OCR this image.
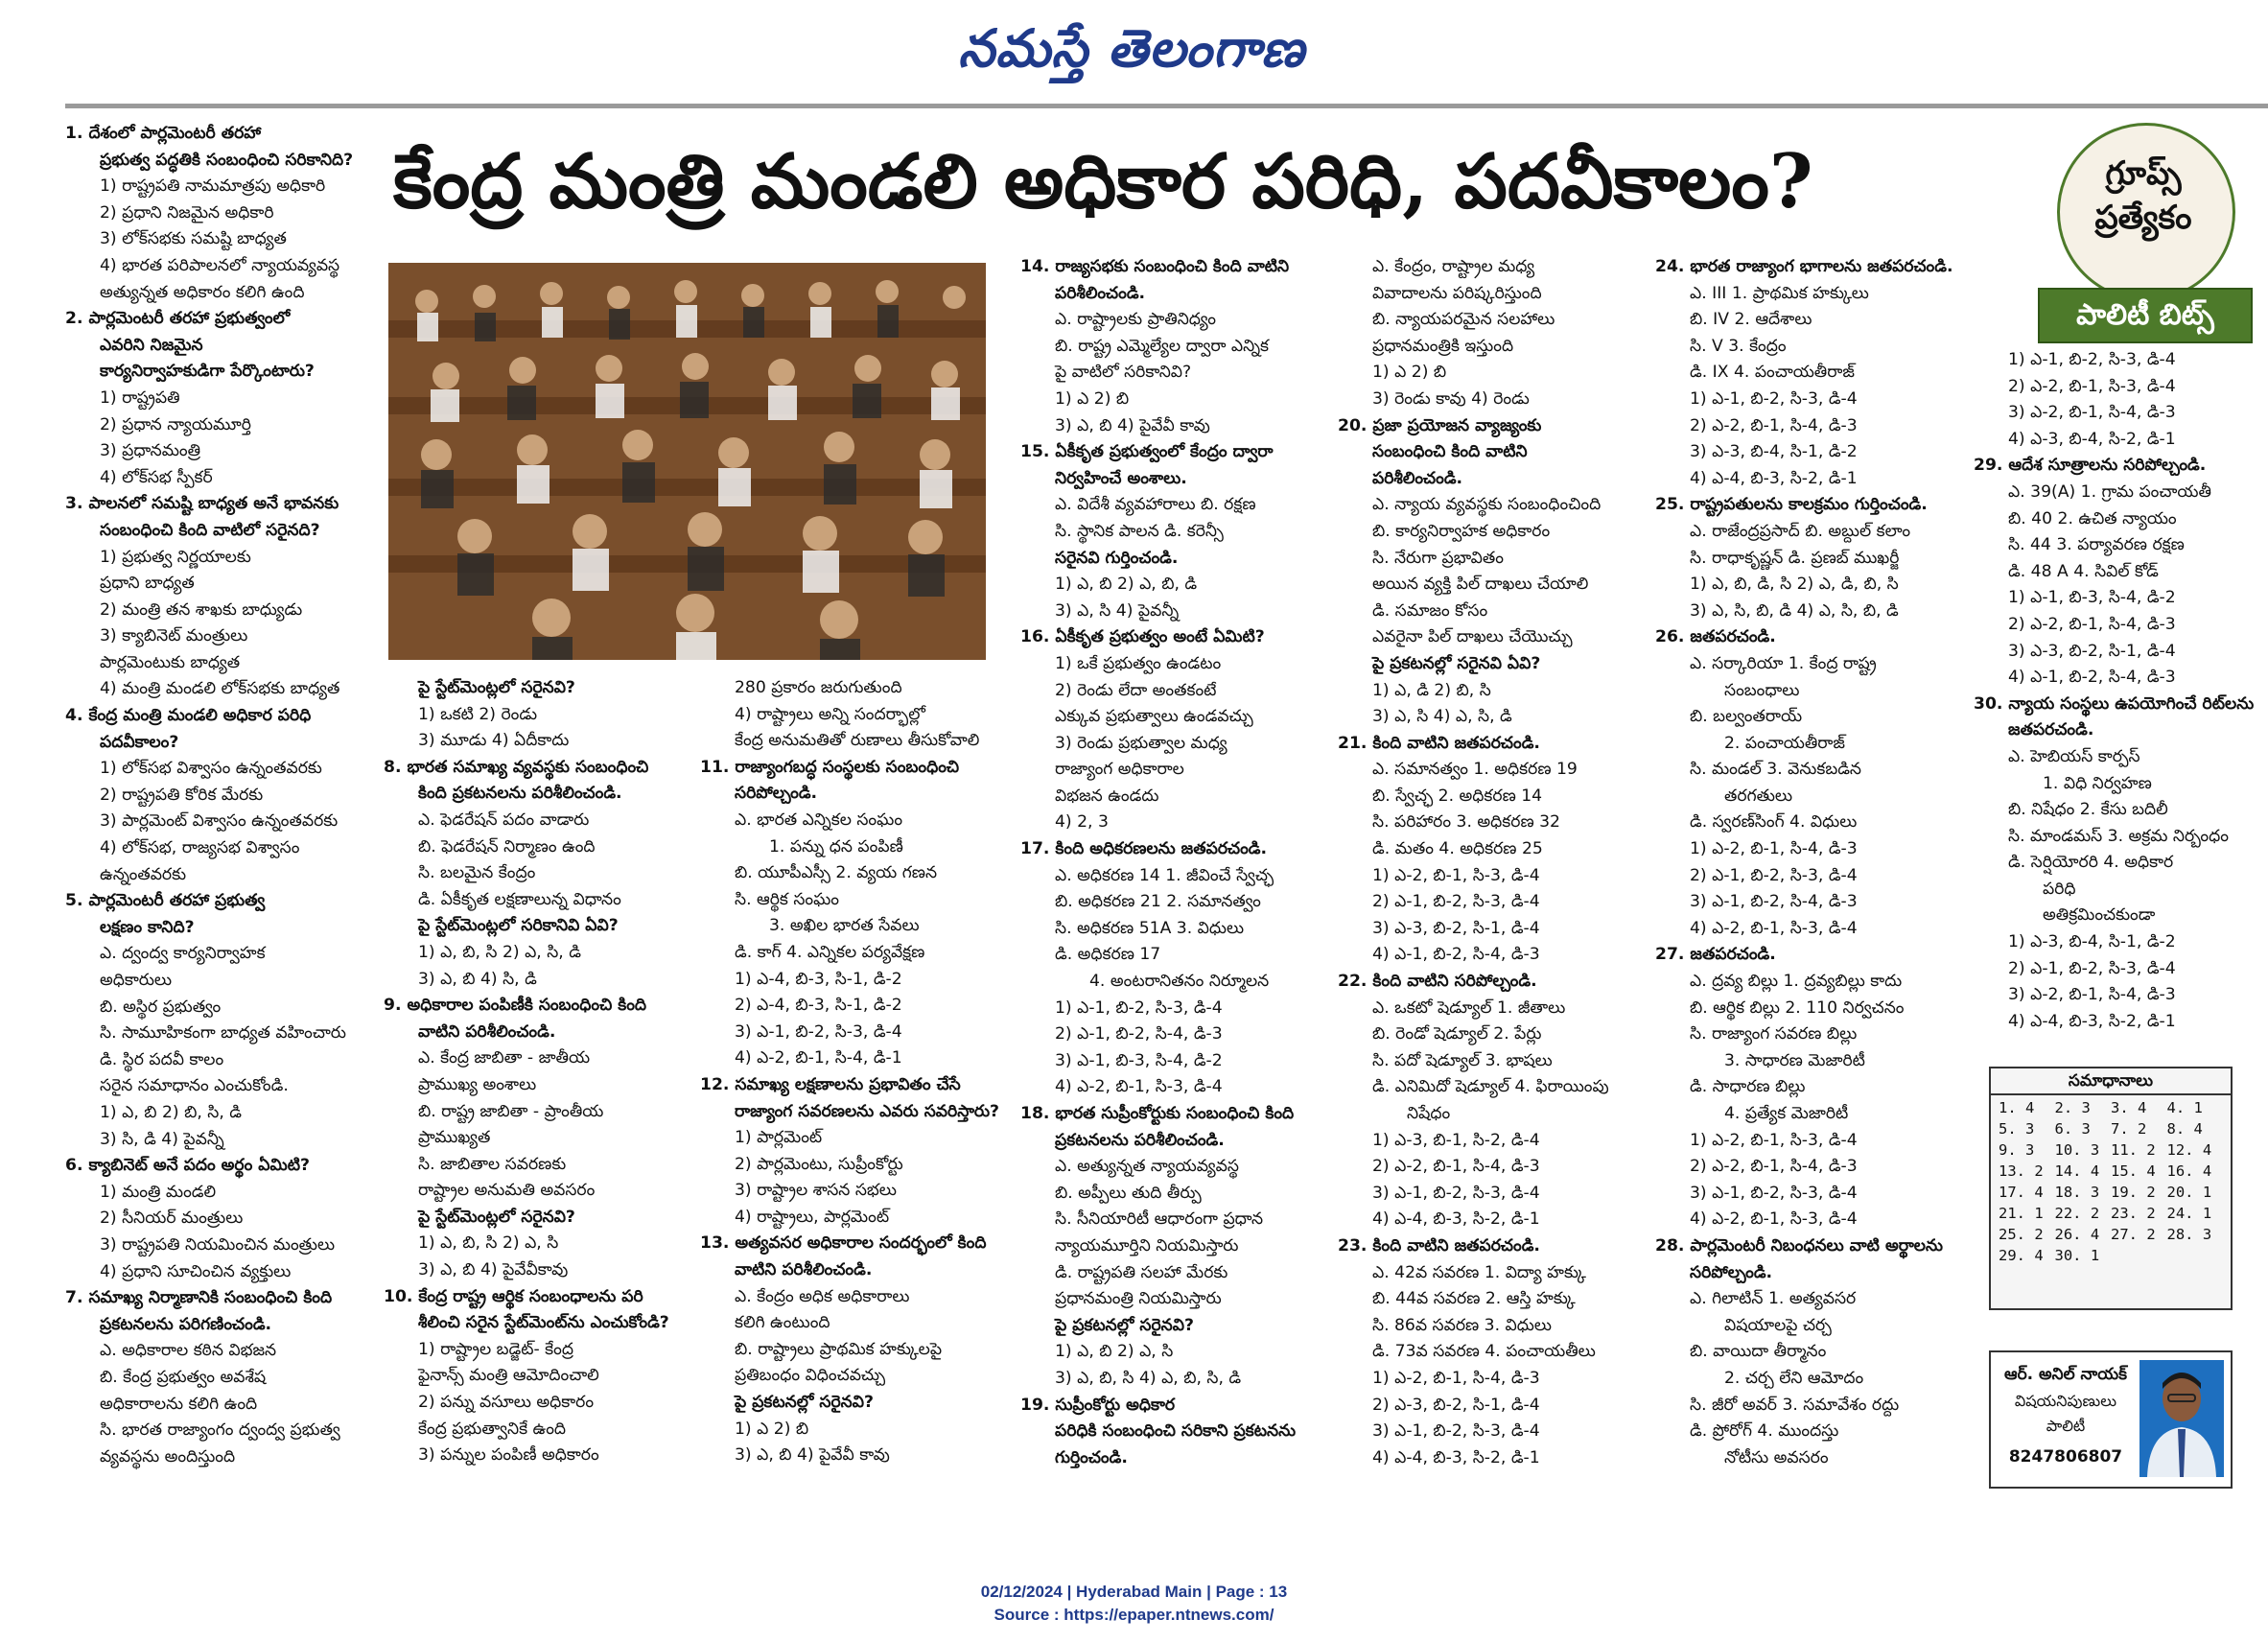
నమస్తే తెలంగాణ
కేంద్ర మంత్రి మండలి అధికార పరిధి, పదవీకాలం?	గ్రూప్స్
ప్రత్యేకం
పాలిటీ బిట్స్

1. దేశంలో పార్లమెంటరీ తరహా

ప్రభుత్వ పద్ధతికి సంబంధించి సరికానిది?

1) రాష్ట్రపతి నామమాత్రపు అధికారి

2) ప్రధాని నిజమైన అధికారి

3) లోక్‌సభకు సమష్టి బాధ్యత

4) భారత పరిపాలనలో న్యాయవ్యవస్థ

అత్యున్నత అధికారం కలిగి ఉంది

2. పార్లమెంటరీ తరహా ప్రభుత్వంలో

ఎవరిని నిజమైన

కార్యనిర్వాహకుడిగా పేర్కొంటారు?

1) రాష్ట్రపతి

2) ప్రధాన న్యాయమూర్తి

3) ప్రధానమంత్రి

4) లోక్‌సభ స్పీకర్

3. పాలనలో సమష్టి బాధ్యత అనే భావనకు

సంబంధించి కింది వాటిలో సరైనది?

1) ప్రభుత్వ నిర్ణయాలకు

ప్రధాని బాధ్యత

2) మంత్రి తన శాఖకు బాధ్యుడు

3) క్యాబినెట్ మంత్రులు

పార్లమెంటుకు బాధ్యత

4) మంత్రి మండలి లోక్‌సభకు బాధ్యత

4. కేంద్ర మంత్రి మండలి అధికార పరిధి

పదవీకాలం?

1) లోక్‌సభ విశ్వాసం ఉన్నంతవరకు

2) రాష్ట్రపతి కోరిక మేరకు

3) పార్లమెంట్ విశ్వాసం ఉన్నంతవరకు

4) లోక్‌సభ, రాజ్యసభ విశ్వాసం

ఉన్నంతవరకు

5. పార్లమెంటరీ తరహా ప్రభుత్వ

లక్షణం కానిది?

ఎ. ద్వంద్వ కార్యనిర్వాహక

అధికారులు

బి. అస్థిర ప్రభుత్వం

సి. సామూహికంగా బాధ్యత వహించారు

డి. స్థిర పదవీ కాలం

సరైన సమాధానం ఎంచుకోండి.

1) ఎ, బి 2) బి, సి, డి

3) సి, డి 4) పైవన్నీ

6. క్యాబినెట్ అనే పదం అర్థం ఏమిటి?

1) మంత్రి మండలి

2) సీనియర్ మంత్రులు

3) రాష్ట్రపతి నియమించిన మంత్రులు

4) ప్రధాని సూచించిన వ్యక్తులు

7. సమాఖ్య నిర్మాణానికి సంబంధించి కింది

ప్రకటనలను పరిగణించండి.

ఎ. అధికారాల కఠిన విభజన

బి. కేంద్ర ప్రభుత్వం అవశేష

అధికారాలను కలిగి ఉంది

సి. భారత రాజ్యాంగం ద్వంద్వ ప్రభుత్వ

వ్యవస్థను అందిస్తుంది

పై స్టేట్‌మెంట్లలో సరైనవి?

1) ఒకటి 2) రెండు

3) మూడు 4) ఏదీకాదు

8. భారత సమాఖ్య వ్యవస్థకు సంబంధించి

కింది ప్రకటనలను పరిశీలించండి.

ఎ. ఫెడరేషన్ పదం వాడారు

బి. ఫెడరేషన్ నిర్మాణం ఉంది

సి. బలమైన కేంద్రం

డి. ఏకీకృత లక్షణాలున్న విధానం

పై స్టేట్‌మెంట్లలో సరికానివి ఏవి?

1) ఎ, బి, సి 2) ఎ, సి, డి

3) ఎ, బి 4) సి, డి

9. అధికారాల పంపిణీకి సంబంధించి కింది

వాటిని పరిశీలించండి.

ఎ. కేంద్ర జాబితా - జాతీయ

ప్రాముఖ్య అంశాలు

బి. రాష్ట్ర జాబితా - ప్రాంతీయ

ప్రాముఖ్యత

సి. జాబితాల సవరణకు

రాష్ట్రాల అనుమతి అవసరం

పై స్టేట్‌మెంట్లలో సరైనవి?

1) ఎ, బి, సి 2) ఎ, సి

3) ఎ, బి 4) పైవేవీకావు

10. కేంద్ర రాష్ట్ర ఆర్థిక సంబంధాలను పరి

శీలించి సరైన స్టేట్‌మెంట్‌ను ఎంచుకోండి?

1) రాష్ట్రాల బడ్జెట్- కేంద్ర

ఫైనాన్స్ మంత్రి ఆమోదించాలి

2) పన్ను వసూలు అధికారం

కేంద్ర ప్రభుత్వానికే ఉంది

3) పన్నుల పంపిణీ అధికారం

280 ప్రకారం జరుగుతుంది

4) రాష్ట్రాలు అన్ని సందర్భాల్లో

కేంద్ర అనుమతితో రుణాలు తీసుకోవాలి

11. రాజ్యాంగబద్ధ సంస్థలకు సంబంధించి

సరిపోల్చండి.

ఎ. భారత ఎన్నికల సంఘం

1. పన్ను ధన పంపిణీ

బి. యూపీఎస్సీ 2. వ్యయ గణన

సి. ఆర్థిక సంఘం

3. అఖిల భారత సేవలు

డి. కాగ్ 4. ఎన్నికల పర్యవేక్షణ

1) ఎ-4, బి-3, సి-1, డి-2

2) ఎ-4, బి-3, సి-1, డి-2

3) ఎ-1, బి-2, సి-3, డి-4

4) ఎ-2, బి-1, సి-4, డి-1

12. సమాఖ్య లక్షణాలను ప్రభావితం చేసే

రాజ్యాంగ సవరణలను ఎవరు సవరిస్తారు?

1) పార్లమెంట్

2) పార్లమెంటు, సుప్రీంకోర్టు

3) రాష్ట్రాల శాసన సభలు

4) రాష్ట్రాలు, పార్లమెంట్

13. అత్యవసర అధికారాల సందర్భంలో కింది

వాటిని పరిశీలించండి.

ఎ. కేంద్రం అధిక అధికారాలు

కలిగి ఉంటుంది

బి. రాష్ట్రాలు ప్రాథమిక హక్కులపై

ప్రతిబంధం విధించవచ్చు

పై ప్రకటనల్లో సరైనవి?

1) ఎ 2) బి

3) ఎ, బి 4) పైవేవీ కావు

14. రాజ్యసభకు సంబంధించి కింది వాటిని

పరిశీలించండి.

ఎ. రాష్ట్రాలకు ప్రాతినిధ్యం

బి. రాష్ట్ర ఎమ్మెల్యేల ద్వారా ఎన్నిక

పై వాటిలో సరికానివి?

1) ఎ 2) బి

3) ఎ, బి 4) పైవేవీ కావు

15. ఏకీకృత ప్రభుత్వంలో కేంద్రం ద్వారా

నిర్వహించే అంశాలు.

ఎ. విదేశీ వ్యవహారాలు బి. రక్షణ

సి. స్థానిక పాలన డి. కరెన్సీ

సరైనవి గుర్తించండి.

1) ఎ, బి 2) ఎ, బి, డి

3) ఎ, సి 4) పైవన్నీ

16. ఏకీకృత ప్రభుత్వం అంటే ఏమిటి?

1) ఒకే ప్రభుత్వం ఉండటం

2) రెండు లేదా అంతకంటే

ఎక్కువ ప్రభుత్వాలు ఉండవచ్చు

3) రెండు ప్రభుత్వాల మధ్య

రాజ్యాంగ అధికారాల

విభజన ఉండదు

4) 2, 3

17. కింది అధికరణలను జతపరచండి.

ఎ. అధికరణ 14 1. జీవించే స్వేచ్ఛ

బి. అధికరణ 21 2. సమానత్వం

సి. అధికరణ 51A 3. విధులు

డి. అధికరణ 17

4. అంటరానితనం నిర్మూలన

1) ఎ-1, బి-2, సి-3, డి-4

2) ఎ-1, బి-2, సి-4, డి-3

3) ఎ-1, బి-3, సి-4, డి-2

4) ఎ-2, బి-1, సి-3, డి-4

18. భారత సుప్రీంకోర్టుకు సంబంధించి కింది

ప్రకటనలను పరిశీలించండి.

ఎ. అత్యున్నత న్యాయవ్యవస్థ

బి. అప్పీలు తుది తీర్పు

సి. సీనియారిటీ ఆధారంగా ప్రధాన

న్యాయమూర్తిని నియమిస్తారు

డి. రాష్ట్రపతి సలహా మేరకు

ప్రధానమంత్రి నియమిస్తారు

పై ప్రకటనల్లో సరైనవి?

1) ఎ, బి 2) ఎ, సి

3) ఎ, బి, సి 4) ఎ, బి, సి, డి

19. సుప్రీంకోర్టు అధికార

పరిధికి సంబంధించి సరికాని ప్రకటనను

గుర్తించండి.

ఎ. కేంద్రం, రాష్ట్రాల మధ్య

వివాదాలను పరిష్కరిస్తుంది

బి. న్యాయపరమైన సలహాలు

ప్రధానమంత్రికి ఇస్తుంది

1) ఎ 2) బి

3) రెండు కావు 4) రెండు

20. ప్రజా ప్రయోజన వ్యాజ్యంకు

సంబంధించి కింది వాటిని

పరిశీలించండి.

ఎ. న్యాయ వ్యవస్థకు సంబంధించింది

బి. కార్యనిర్వాహక అధికారం

సి. నేరుగా ప్రభావితం

అయిన వ్యక్తి పిల్ దాఖలు చేయాలి

డి. సమాజం కోసం

ఎవరైనా పిల్ దాఖలు చేయొచ్చు

పై ప్రకటనల్లో సరైనవి ఏవి?

1) ఎ, డి 2) బి, సి

3) ఎ, సి 4) ఎ, సి, డి

21. కింది వాటిని జతపరచండి.

ఎ. సమానత్వం 1. అధికరణ 19

బి. స్వేచ్ఛ 2. అధికరణ 14

సి. పరిహారం 3. అధికరణ 32

డి. మతం 4. అధికరణ 25

1) ఎ-2, బి-1, సి-3, డి-4

2) ఎ-1, బి-2, సి-3, డి-4

3) ఎ-3, బి-2, సి-1, డి-4

4) ఎ-1, బి-2, సి-4, డి-3

22. కింది వాటిని సరిపోల్చండి.

ఎ. ఒకటో షెడ్యూల్ 1. జీతాలు

బి. రెండో షెడ్యూల్ 2. పేర్లు

సి. పదో షెడ్యూల్ 3. భాషలు

డి. ఎనిమిదో షెడ్యూల్ 4. ఫిరాయింపు

నిషేధం

1) ఎ-3, బి-1, సి-2, డి-4

2) ఎ-2, బి-1, సి-4, డి-3

3) ఎ-1, బి-2, సి-3, డి-4

4) ఎ-4, బి-3, సి-2, డి-1

23. కింది వాటిని జతపరచండి.

ఎ. 42వ సవరణ 1. విద్యా హక్కు

బి. 44వ సవరణ 2. ఆస్తి హక్కు

సి. 86వ సవరణ 3. విధులు

డి. 73వ సవరణ 4. పంచాయతీలు

1) ఎ-2, బి-1, సి-4, డి-3

2) ఎ-3, బి-2, సి-1, డి-4

3) ఎ-1, బి-2, సి-3, డి-4

4) ఎ-4, బి-3, సి-2, డి-1

24. భారత రాజ్యాంగ భాగాలను జతపరచండి.

ఎ. III 1. ప్రాథమిక హక్కులు

బి. IV 2. ఆదేశాలు

సి. V 3. కేంద్రం

డి. IX 4. పంచాయతీరాజ్

1) ఎ-1, బి-2, సి-3, డి-4

2) ఎ-2, బి-1, సి-4, డి-3

3) ఎ-3, బి-4, సి-1, డి-2

4) ఎ-4, బి-3, సి-2, డి-1

25. రాష్ట్రపతులను కాలక్రమం గుర్తించండి.

ఎ. రాజేంద్రప్రసాద్ బి. అబ్దుల్ కలాం

సి. రాధాకృష్ణన్ డి. ప్రణబ్ ముఖర్జీ

1) ఎ, బి, డి, సి 2) ఎ, డి, బి, సి

3) ఎ, సి, బి, డి 4) ఎ, సి, బి, డి

26. జతపరచండి.

ఎ. సర్కారియా 1. కేంద్ర రాష్ట్ర

సంబంధాలు

బి. బల్వంతరాయ్

2. పంచాయతీరాజ్

సి. మండల్ 3. వెనుకబడిన

తరగతులు

డి. స్వరణ్‌సింగ్ 4. విధులు

1) ఎ-2, బి-1, సి-4, డి-3

2) ఎ-1, బి-2, సి-3, డి-4

3) ఎ-1, బి-2, సి-4, డి-3

4) ఎ-2, బి-1, సి-3, డి-4

27. జతపరచండి.

ఎ. ద్రవ్య బిల్లు 1. ద్రవ్యబిల్లు కాదు

బి. ఆర్థిక బిల్లు 2. 110 నిర్వచనం

సి. రాజ్యాంగ సవరణ బిల్లు

3. సాధారణ మెజారిటీ

డి. సాధారణ బిల్లు

4. ప్రత్యేక మెజారిటీ

1) ఎ-2, బి-1, సి-3, డి-4

2) ఎ-2, బి-1, సి-4, డి-3

3) ఎ-1, బి-2, సి-3, డి-4

4) ఎ-2, బి-1, సి-3, డి-4

28. పార్లమెంటరీ నిబంధనలు వాటి అర్థాలను

సరిపోల్చండి.

ఎ. గిలాటిన్ 1. అత్యవసర

విషయాలపై చర్చ

బి. వాయిదా తీర్మానం

2. చర్చ లేని ఆమోదం

సి. జీరో అవర్ 3. సమావేశం రద్దు

డి. ప్రోరోగ్ 4. ముందస్తు

నోటీసు అవసరం

1) ఎ-1, బి-2, సి-3, డి-4

2) ఎ-2, బి-1, సి-3, డి-4

3) ఎ-2, బి-1, సి-4, డి-3

4) ఎ-3, బి-4, సి-2, డి-1

29. ఆదేశ సూత్రాలను సరిపోల్చండి.

ఎ. 39(A) 1. గ్రామ పంచాయతీ

బి. 40 2. ఉచిత న్యాయం

సి. 44 3. పర్యావరణ రక్షణ

డి. 48 A 4. సివిల్ కోడ్

1) ఎ-1, బి-3, సి-4, డి-2

2) ఎ-2, బి-1, సి-4, డి-3

3) ఎ-3, బి-2, సి-1, డి-4

4) ఎ-1, బి-2, సి-4, డి-3

30. న్యాయ సంస్థలు ఉపయోగించే రిట్‌లను

జతపరచండి.

ఎ. హెబియస్ కార్పస్

1. విధి నిర్వహణ

బి. నిషేధం 2. కేసు బదిలీ

సి. మాండమస్ 3. అక్రమ నిర్బంధం

డి. సెర్షియోరరి 4. అధికార

పరిధి

అతిక్రమించకుండా

1) ఎ-3, బి-4, సి-1, డి-2

2) ఎ-1, బి-2, సి-3, డి-4

3) ఎ-2, బి-1, సి-4, డి-3

4) ఎ-4, బి-3, సి-2, డి-1

సమాధానాలు
1. 4	2. 3	3. 4	4. 1
5. 3	6. 3	7. 2	8. 4
9. 3	10. 3 11. 2 12. 4
13. 2 14. 4 15. 4 16. 4
17. 4 18. 3 19. 2 20. 1
21. 1 22. 2 23. 2 24. 1
25. 2 26. 4 27. 2 28. 3
29. 4 30. 1
ఆర్. అనిల్ నాయక్
విషయనిపుణులు
పాలిటీ
8247806807
02/12/2024 | Hyderabad Main | Page : 13
Source : https://epaper.ntnews.com/
